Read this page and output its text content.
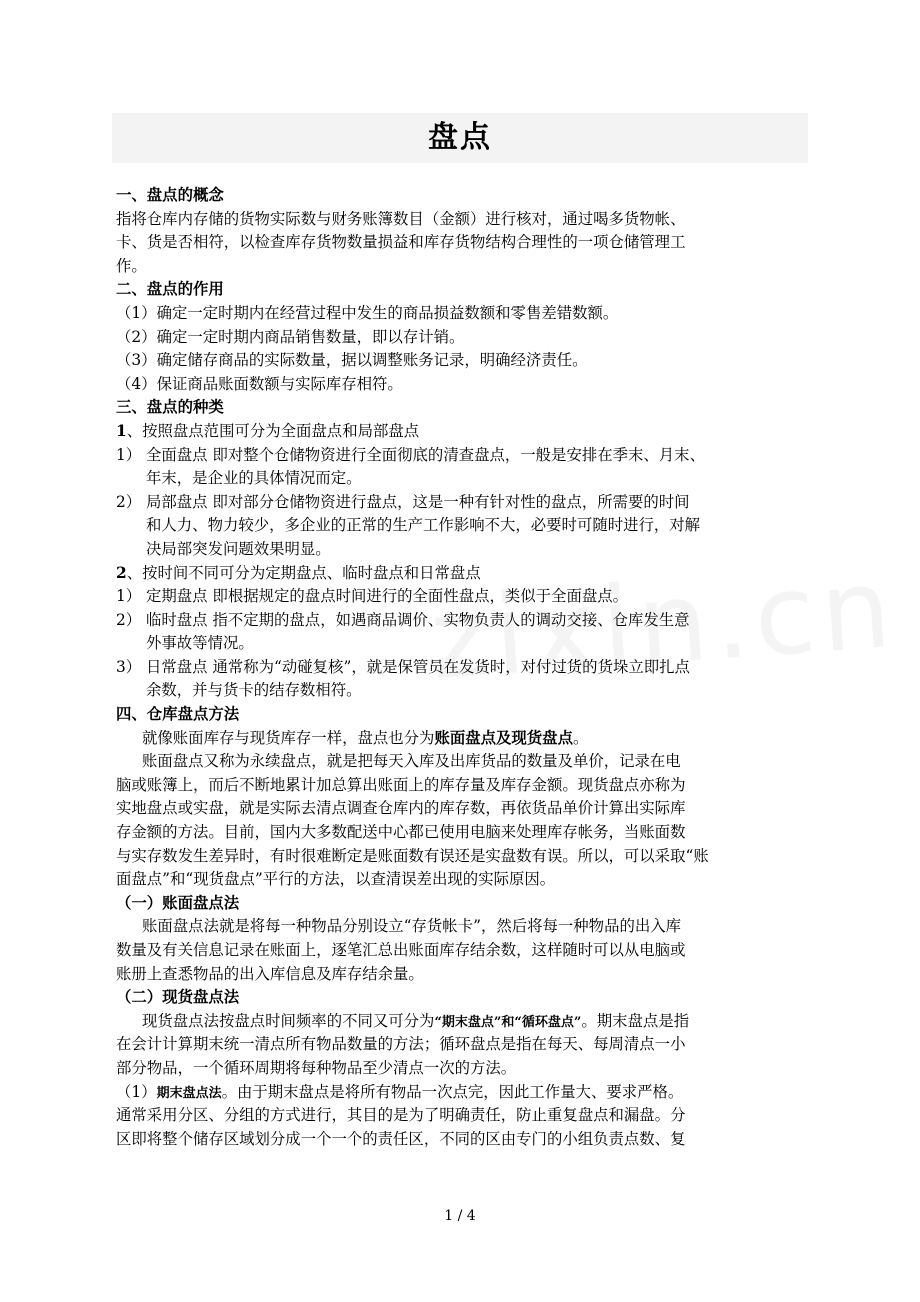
盘点
一、盘点的概念
指将仓库内存储的货物实际数与财务账簿数目（金额）进行核对，通过喝多货物帐、
卡、货是否相符，以检查库存货物数量损益和库存货物结构合理性的一项仓储管理工
作。
二、盘点的作用
（1）确定一定时期内在经营过程中发生的商品损益数额和零售差错数额。
（2）确定一定时期内商品销售数量，即以存计销。
（3）确定储存商品的实际数量，据以调整账务记录，明确经济责任。
（4）保证商品账面数额与实际库存相符。
三、盘点的种类
1、按照盘点范围可分为全面盘点和局部盘点
1） 全面盘点 即对整个仓储物资进行全面彻底的清查盘点，一般是安排在季末、月末、
年末，是企业的具体情况而定。
2） 局部盘点 即对部分仓储物资进行盘点，这是一种有针对性的盘点，所需要的时间
和人力、物力较少，多企业的正常的生产工作影响不大，必要时可随时进行，对解
决局部突发问题效果明显。
2、按时间不同可分为定期盘点、临时盘点和日常盘点
1） 定期盘点 即根据规定的盘点时间进行的全面性盘点，类似于全面盘点。
2） 临时盘点 指不定期的盘点，如遇商品调价、实物负责人的调动交接、仓库发生意
外事故等情况。
3） 日常盘点 通常称为“动碰复核”，就是保管员在发货时，对付过货的货垛立即扎点
余数，并与货卡的结存数相符。
四、仓库盘点方法
就像账面库存与现货库存一样，盘点也分为账面盘点及现货盘点。
账面盘点又称为永续盘点，就是把每天入库及出库货品的数量及单价，记录在电
脑或账簿上，而后不断地累计加总算出账面上的库存量及库存金额。现货盘点亦称为
实地盘点或实盘，就是实际去清点调查仓库内的库存数，再依货品单价计算出实际库
存金额的方法。目前，国内大多数配送中心都已使用电脑来处理库存帐务，当账面数
与实存数发生差异时，有时很难断定是账面数有误还是实盘数有误。所以，可以采取“账
面盘点”和“现货盘点”平行的方法，以查清误差出现的实际原因。
（一）账面盘点法
账面盘点法就是将每一种物品分别设立“存货帐卡”，然后将每一种物品的出入库
数量及有关信息记录在账面上，逐笔汇总出账面库存结余数，这样随时可以从电脑或
账册上查悉物品的出入库信息及库存结余量。
（二）现货盘点法
现货盘点法按盘点时间频率的不同又可分为“期末盘点”和“循环盘点”。期末盘点是指
在会计计算期末统一清点所有物品数量的方法；循环盘点是指在每天、每周清点一小
部分物品，一个循环周期将每种物品至少清点一次的方法。
（1）期末盘点法。由于期末盘点是将所有物品一次点完，因此工作量大、要求严格。
通常采用分区、分组的方式进行，其目的是为了明确责任，防止重复盘点和漏盘。分
区即将整个储存区域划分成一个一个的责任区，不同的区由专门的小组负责点数、复
1 / 4
